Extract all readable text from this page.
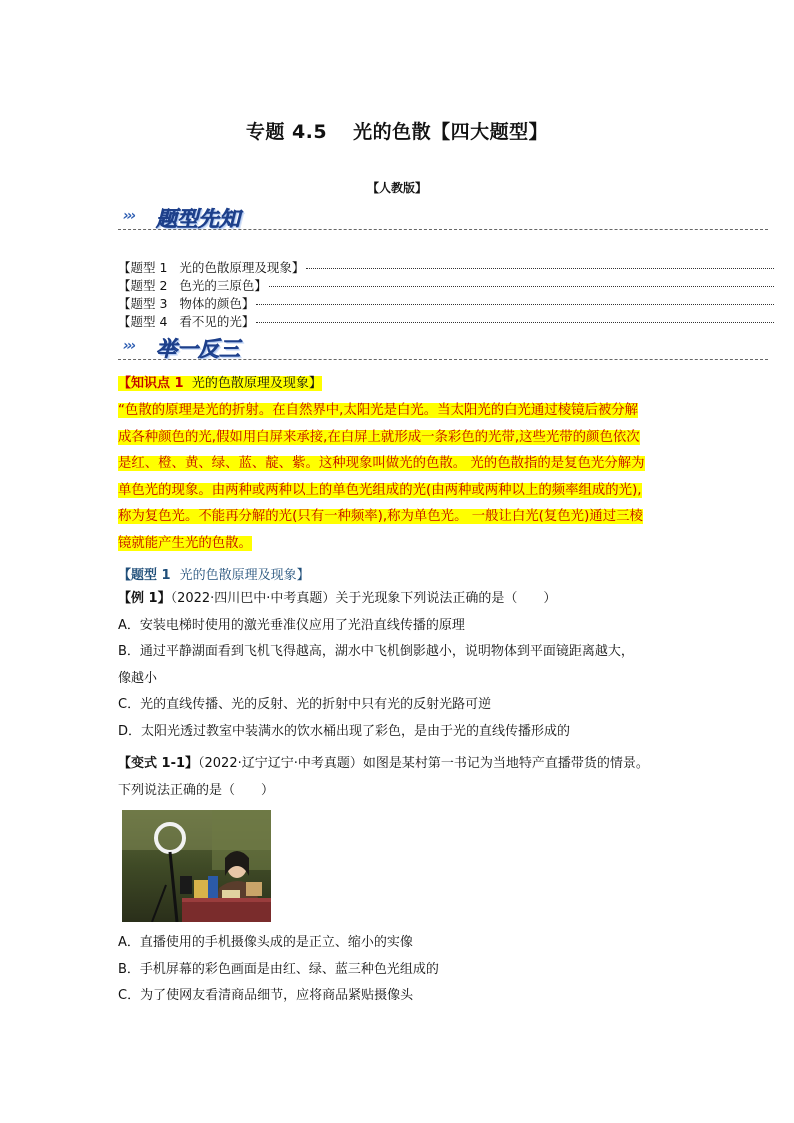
专题 4.5 光的色散【四大题型】
【人教版】
››› 题型先知
【题型 1
光的色散原理及现象】
【题型 2
色光的三原色】
【题型 3
物体的颜色】
【题型 4
看不见的光】
››› 举一反三
【知识点 1 光的色散原理及现象】
“色散的原理是光的折射。在自然界中,太阳光是白光。当太阳光的白光通过棱镜后被分解
成各种颜色的光,假如用白屏来承接,在白屏上就形成一条彩色的光带,这些光带的颜色依次
是红、橙、黄、绿、蓝、靛、紫。这种现象叫做光的色散。 光的色散指的是复色光分解为
单色光的现象。由两种或两种以上的单色光组成的光(由两种或两种以上的频率组成的光),
称为复色光。不能再分解的光(只有一种频率),称为单色光。 一般让白光(复色光)通过三棱
镜就能产生光的色散。
【题型 1 光的色散原理及现象】
【例 1】（2022·四川巴中·中考真题）关于光现象下列说法正确的是（　　）
A．安装电梯时使用的激光垂准仪应用了光沿直线传播的原理
B．通过平静湖面看到飞机飞得越高，湖水中飞机倒影越小，说明物体到平面镜距离越大，
像越小
C．光的直线传播、光的反射、光的折射中只有光的反射光路可逆
D．太阳光透过教室中装满水的饮水桶出现了彩色，是由于光的直线传播形成的
【变式 1-1】（2022·辽宁辽宁·中考真题）如图是某村第一书记为当地特产直播带货的情景。
下列说法正确的是（　　）
A．直播使用的手机摄像头成的是正立、缩小的实像
B．手机屏幕的彩色画面是由红、绿、蓝三种色光组成的
C．为了使网友看清商品细节，应将商品紧贴摄像头
